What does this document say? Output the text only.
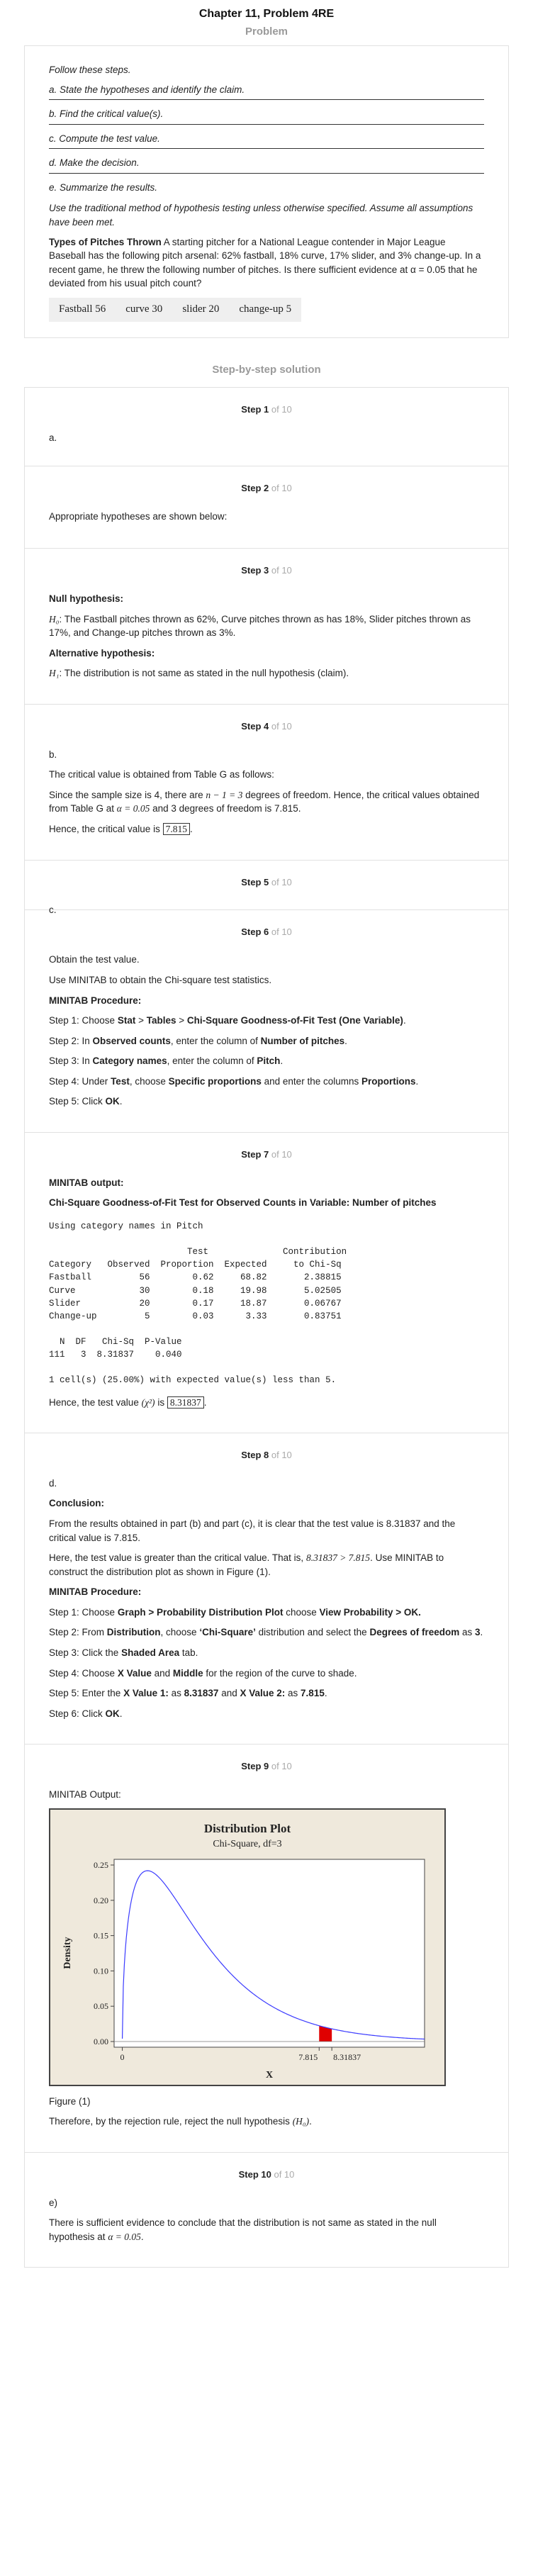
Chapter 11, Problem 4RE
Problem

Follow these steps.

a. State the hypotheses and identify the claim.
b. Find the critical value(s).
c. Compute the test value.
d. Make the decision.
e. Summarize the results.

Use the traditional method of hypothesis testing unless otherwise specified. Assume all assumptions have been met.

Types of Pitches Thrown A starting pitcher for a National League contender in Major League Baseball has the following pitch arsenal: 62% fastball, 18% curve, 17% slider, and 3% change-up. In a recent game, he threw the following number of pitches. Is there sufficient evidence at α = 0.05 that he deviated from his usual pitch count?

Fastball 56	curve 30	slider 20	change-up 5
Step-by-step solution
Step 1 of 10

a.

Step 2 of 10

Appropriate hypotheses are shown below:

Step 3 of 10

Null hypothesis:

H₀: The Fastball pitches thrown as 62%, Curve pitches thrown as has 18%, Slider pitches thrown as 17%, and Change-up pitches thrown as 3%.

Alternative hypothesis:

H₁: The distribution is not same as stated in the null hypothesis (claim).

Step 4 of 10

b.

The critical value is obtained from Table G as follows:

Since the sample size is 4, there are n − 1 = 3 degrees of freedom. Hence, the critical values obtained from Table G at α = 0.05 and 3 degrees of freedom is 7.815.

Hence, the critical value is 7.815 .

Step 5 of 10

c.

Step 6 of 10

Obtain the test value.

Use MINITAB to obtain the Chi-square test statistics.

MINITAB Procedure:

Step 1: Choose Stat > Tables > Chi-Square Goodness-of-Fit Test (One Variable).

Step 2: In Observed counts, enter the column of Number of pitches.

Step 3: In Category names, enter the column of Pitch.

Step 4: Under Test, choose Specific proportions and enter the columns Proportions.

Step 5: Click OK.

Step 7 of 10

MINITAB output:

Chi-Square Goodness-of-Fit Test for Observed Counts in Variable: Number of pitches
Using category names in Pitch

Test              Contribution
Category   Observed  Proportion  Expected     to Chi-Sq
Fastball         56        0.62     68.82       2.38815
Curve            30        0.18     19.98       5.02505
Slider           20        0.17     18.87       0.06767
Change-up         5        0.03      3.33       0.83751

N  DF   Chi-Sq  P-Value
111   3  8.31837    0.040

1 cell(s) (25.00%) with expected value(s) less than 5.

Hence, the test value (χ²) is 8.31837 .

Step 8 of 10

d.

Conclusion:

From the results obtained in part (b) and part (c), it is clear that the test value is 8.31837 and the critical value is 7.815.

Here, the test value is greater than the critical value. That is, 8.31837 > 7.815. Use MINITAB to construct the distribution plot as shown in Figure (1).

MINITAB Procedure:

Step 1: Choose Graph > Probability Distribution Plot choose View Probability > OK.

Step 2: From Distribution, choose ‘Chi-Square’ distribution and select the Degrees of freedom as 3.

Step 3: Click the Shaded Area tab.

Step 4: Choose X Value and Middle for the region of the curve to shade.

Step 5: Enter the X Value 1: as 8.31837 and X Value 2: as 7.815.

Step 6: Click OK.

Step 9 of 10

MINITAB Output:

Distribution Plot
Chi-Square, df=3
X
Density
0.00
0.05
0.10
0.15
0.20
0.25
0	7.815 8.31837

Figure (1)

Therefore, by the rejection rule, reject the null hypothesis (H₀).

Step 10 of 10

e)

There is sufficient evidence to conclude that the distribution is not same as stated in the null hypothesis at α = 0.05.
